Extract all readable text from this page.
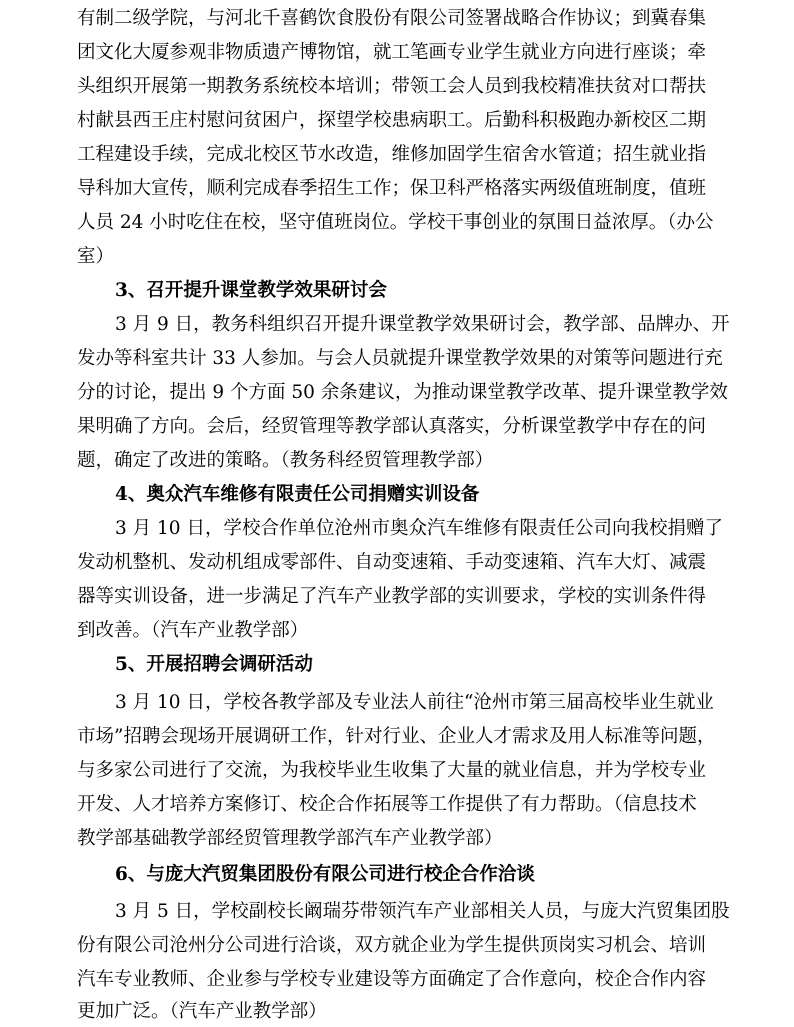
有制二级学院，与河北千喜鹤饮食股份有限公司签署战略合作协议；到冀春集
团文化大厦参观非物质遗产博物馆，就工笔画专业学生就业方向进行座谈；牵
头组织开展第一期教务系统校本培训；带领工会人员到我校精准扶贫对口帮扶
村献县西王庄村慰问贫困户，探望学校患病职工。后勤科积极跑办新校区二期
工程建设手续，完成北校区节水改造，维修加固学生宿舍水管道；招生就业指
导科加大宣传，顺利完成春季招生工作；保卫科严格落实两级值班制度，值班
人员 24 小时吃住在校，坚守值班岗位。学校干事创业的氛围日益浓厚。（办公
室）
3、召开提升课堂教学效果研讨会
3 月 9 日，教务科组织召开提升课堂教学效果研讨会，教学部、品牌办、开
发办等科室共计 33 人参加。与会人员就提升课堂教学效果的对策等问题进行充
分的讨论，提出 9 个方面 50 余条建议，为推动课堂教学改革、提升课堂教学效
果明确了方向。会后，经贸管理等教学部认真落实，分析课堂教学中存在的问
题，确定了改进的策略。（教务科经贸管理教学部）
4、奥众汽车维修有限责任公司捐赠实训设备
3 月 10 日，学校合作单位沧州市奥众汽车维修有限责任公司向我校捐赠了
发动机整机、发动机组成零部件、自动变速箱、手动变速箱、汽车大灯、减震
器等实训设备，进一步满足了汽车产业教学部的实训要求，学校的实训条件得
到改善。（汽车产业教学部）
5、开展招聘会调研活动
3 月 10 日，学校各教学部及专业法人前往“沧州市第三届高校毕业生就业
市场”招聘会现场开展调研工作，针对行业、企业人才需求及用人标准等问题，
与多家公司进行了交流，为我校毕业生收集了大量的就业信息，并为学校专业
开发、人才培养方案修订、校企合作拓展等工作提供了有力帮助。（信息技术
教学部基础教学部经贸管理教学部汽车产业教学部）
6、与庞大汽贸集团股份有限公司进行校企合作洽谈
3 月 5 日，学校副校长阚瑞芬带领汽车产业部相关人员，与庞大汽贸集团股
份有限公司沧州分公司进行洽谈，双方就企业为学生提供顶岗实习机会、培训
汽车专业教师、企业参与学校专业建设等方面确定了合作意向，校企合作内容
更加广泛。（汽车产业教学部）
